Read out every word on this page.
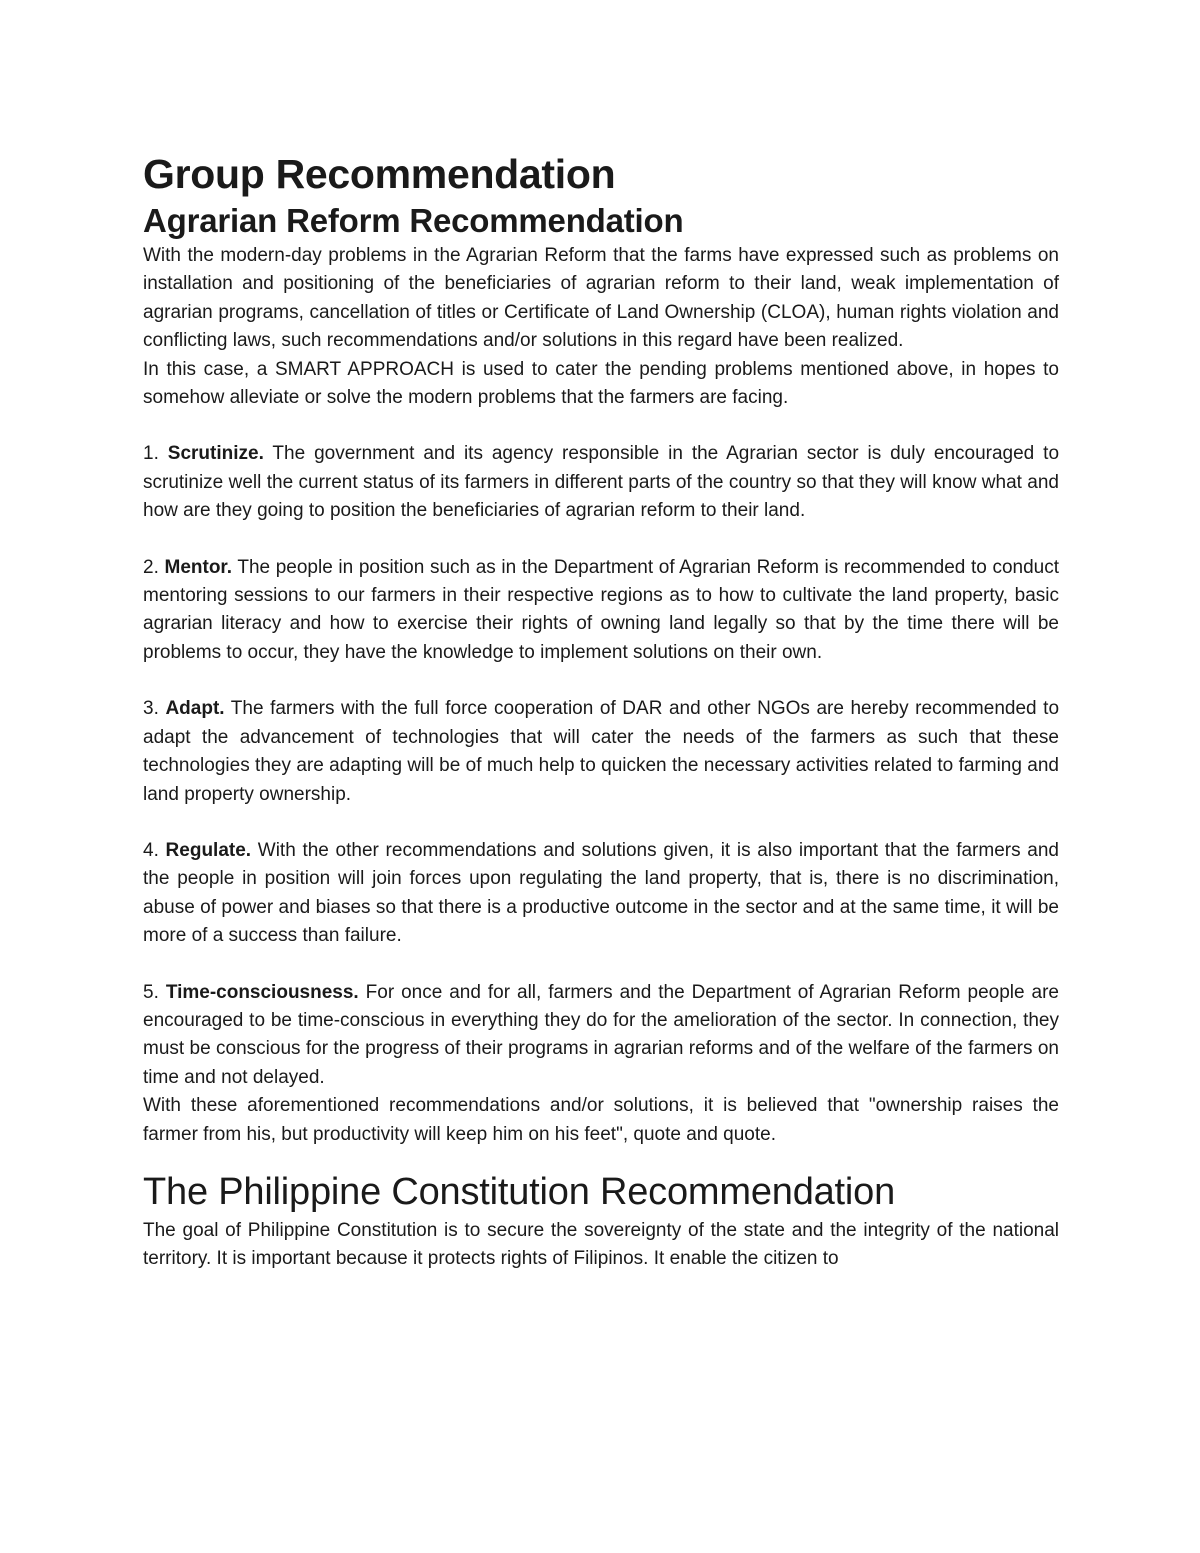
Group Recommendation
Agrarian Reform Recommendation

With the modern-day problems in the Agrarian Reform that the farms have expressed such as problems on installation and positioning of the beneficiaries of agrarian reform to their land, weak implementation of agrarian programs, cancellation of titles or Certificate of Land Ownership (CLOA), human rights violation and conflicting laws, such recommendations and/or solutions in this regard have been realized.

In this case, a SMART APPROACH is used to cater the pending problems mentioned above, in hopes to somehow alleviate or solve the modern problems that the farmers are facing.

1. Scrutinize. The government and its agency responsible in the Agrarian sector is duly encouraged to scrutinize well the current status of its farmers in different parts of the country so that they will know what and how are they going to position the beneficiaries of agrarian reform to their land.

2. Mentor. The people in position such as in the Department of Agrarian Reform is recommended to conduct mentoring sessions to our farmers in their respective regions as to how to cultivate the land property, basic agrarian literacy and how to exercise their rights of owning land legally so that by the time there will be problems to occur, they have the knowledge to implement solutions on their own.

3. Adapt. The farmers with the full force cooperation of DAR and other NGOs are hereby recommended to adapt the advancement of technologies that will cater the needs of the farmers as such that these technologies they are adapting will be of much help to quicken the necessary activities related to farming and land property ownership.

4. Regulate. With the other recommendations and solutions given, it is also important that the farmers and the people in position will join forces upon regulating the land property, that is, there is no discrimination, abuse of power and biases so that there is a productive outcome in the sector and at the same time, it will be more of a success than failure.

5. Time-consciousness. For once and for all, farmers and the Department of Agrarian Reform people are encouraged to be time-conscious in everything they do for the amelioration of the sector. In connection, they must be conscious for the progress of their programs in agrarian reforms and of the welfare of the farmers on time and not delayed.

With these aforementioned recommendations and/or solutions, it is believed that "ownership raises the farmer from his, but productivity will keep him on his feet", quote and quote.

The Philippine Constitution Recommendation

The goal of Philippine Constitution is to secure the sovereignty of the state and the integrity of the national territory. It is important because it protects rights of Filipinos. It enable the citizen to
